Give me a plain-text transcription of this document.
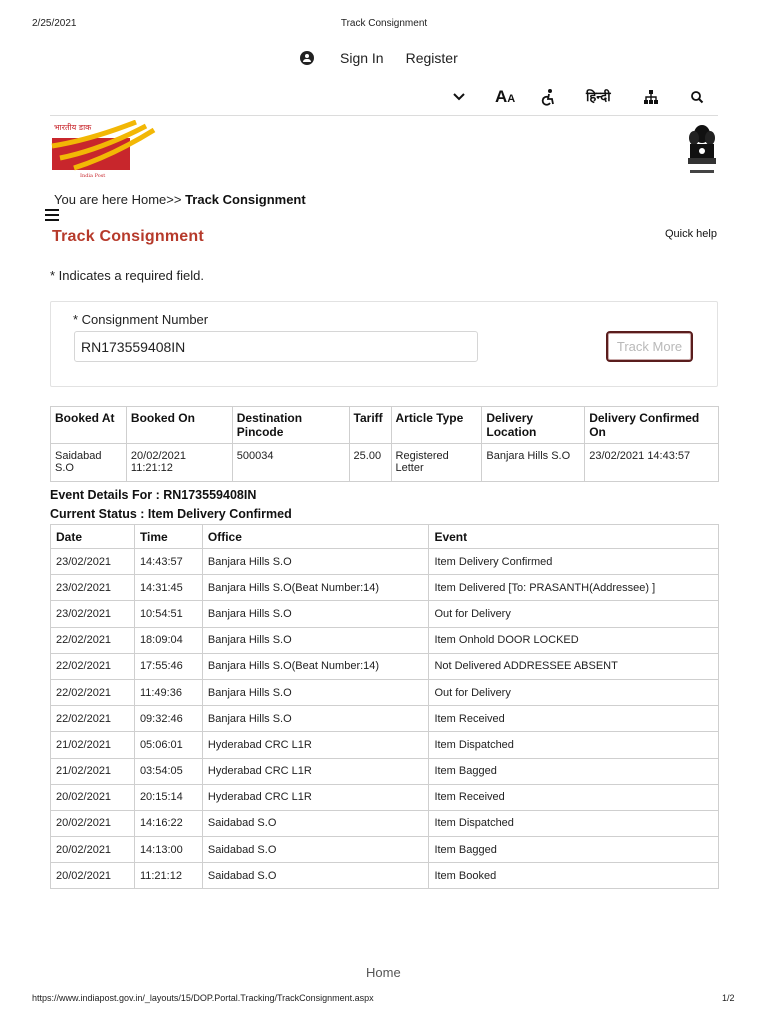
2/25/2021	Track Consignment
Sign In Register
AA	हिन्दी
भारतीय डाक
India Post
You are here Home>> Track Consignment
Track Consignment	Quick help
* Indicates a required field.
* Consignment Number
RN173559408IN
Track More
Booked At	Booked On	Destination Pincode	Tariff	Article Type	Delivery Location	Delivery Confirmed On
Saidabad S.O	20/02/2021 11:21:12	500034	25.00	Registered Letter	Banjara Hills S.O	23/02/2021 14:43:57
Event Details For : RN173559408IN
Current Status : Item Delivery Confirmed
Date	Time	Office	Event
23/02/2021	14:43:57	Banjara Hills S.O	Item Delivery Confirmed
23/02/2021	14:31:45	Banjara Hills S.O(Beat Number:14)	Item Delivered [To: PRASANTH(Addressee) ]
23/02/2021	10:54:51	Banjara Hills S.O	Out for Delivery
22/02/2021	18:09:04	Banjara Hills S.O	Item Onhold DOOR LOCKED
22/02/2021	17:55:46	Banjara Hills S.O(Beat Number:14)	Not Delivered ADDRESSEE ABSENT
22/02/2021	11:49:36	Banjara Hills S.O	Out for Delivery
22/02/2021	09:32:46	Banjara Hills S.O	Item Received
21/02/2021	05:06:01	Hyderabad CRC L1R	Item Dispatched
21/02/2021	03:54:05	Hyderabad CRC L1R	Item Bagged
20/02/2021	20:15:14	Hyderabad CRC L1R	Item Received
20/02/2021	14:16:22	Saidabad S.O	Item Dispatched
20/02/2021	14:13:00	Saidabad S.O	Item Bagged
20/02/2021	11:21:12	Saidabad S.O	Item Booked
Home
https://www.indiapost.gov.in/_layouts/15/DOP.Portal.Tracking/TrackConsignment.aspx	1/2
